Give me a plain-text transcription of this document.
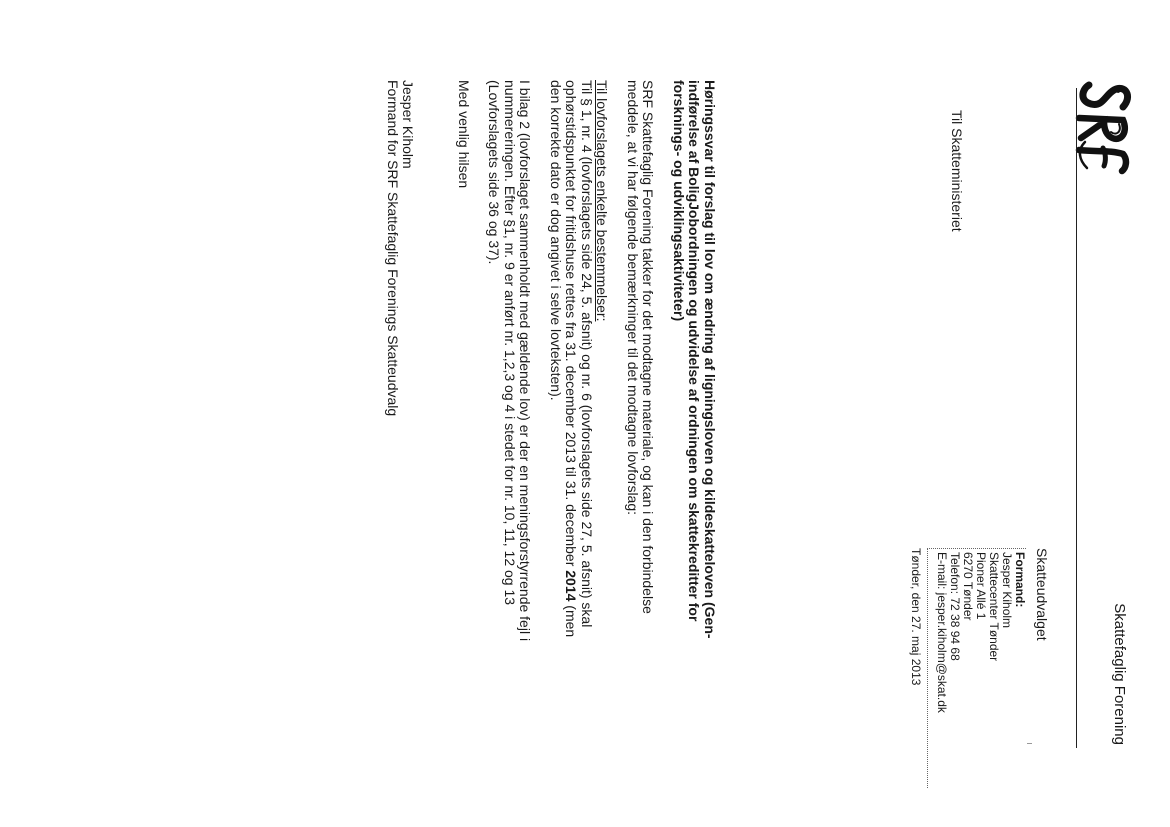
Skattefaglig Forening
Skatteudvalget
Formand:
Jesper Kiholm
Skattecenter Tønder
Pioner Allé 1
6270 Tønder
Telefon: 72 38 94 68
E-mail: jesper.kiholm@skat.dk
Tønder, den 27. maj 2013
Til Skatteministeriet

Høringssvar til forslag til lov om ændring af ligningsloven og kildeskatteloven (Gen-
indførelse af BoligJobordningen og udvidelse af ordningen om skattekreditter for
forsknings- og udviklingsaktiviteter)

SRF Skattefaglig Forening takker for det modtagne materiale, og kan i den forbindelse
meddele, at vi har følgende bemærkninger til det modtagne lovforslag:

Til lovforslagets enkelte bestemmelser:
Til § 1, nr. 4 (lovforslagets side 24, 5. afsnit) og nr. 6 (lovforslagets side 27, 5. afsnit) skal
ophørstidspunktet for fritidshuse rettes fra 31. december 2013 til 31. december 2014 (men
den korrekte dato er dog angivet i selve lovteksten).

I bilag 2 (lovforslaget sammenholdt med gældende lov) er der en meningsforstyrrende fejl i
nummereringen. Efter §1, nr. 9 er anført nr. 1,2,3 og 4 i stedet for nr. 10, 11, 12 og 13
(Lovforslagets side 36 og 37).

Med venlig hilsen

Jesper Kiholm
Formand for SRF Skattefaglig Forenings Skatteudvalg
